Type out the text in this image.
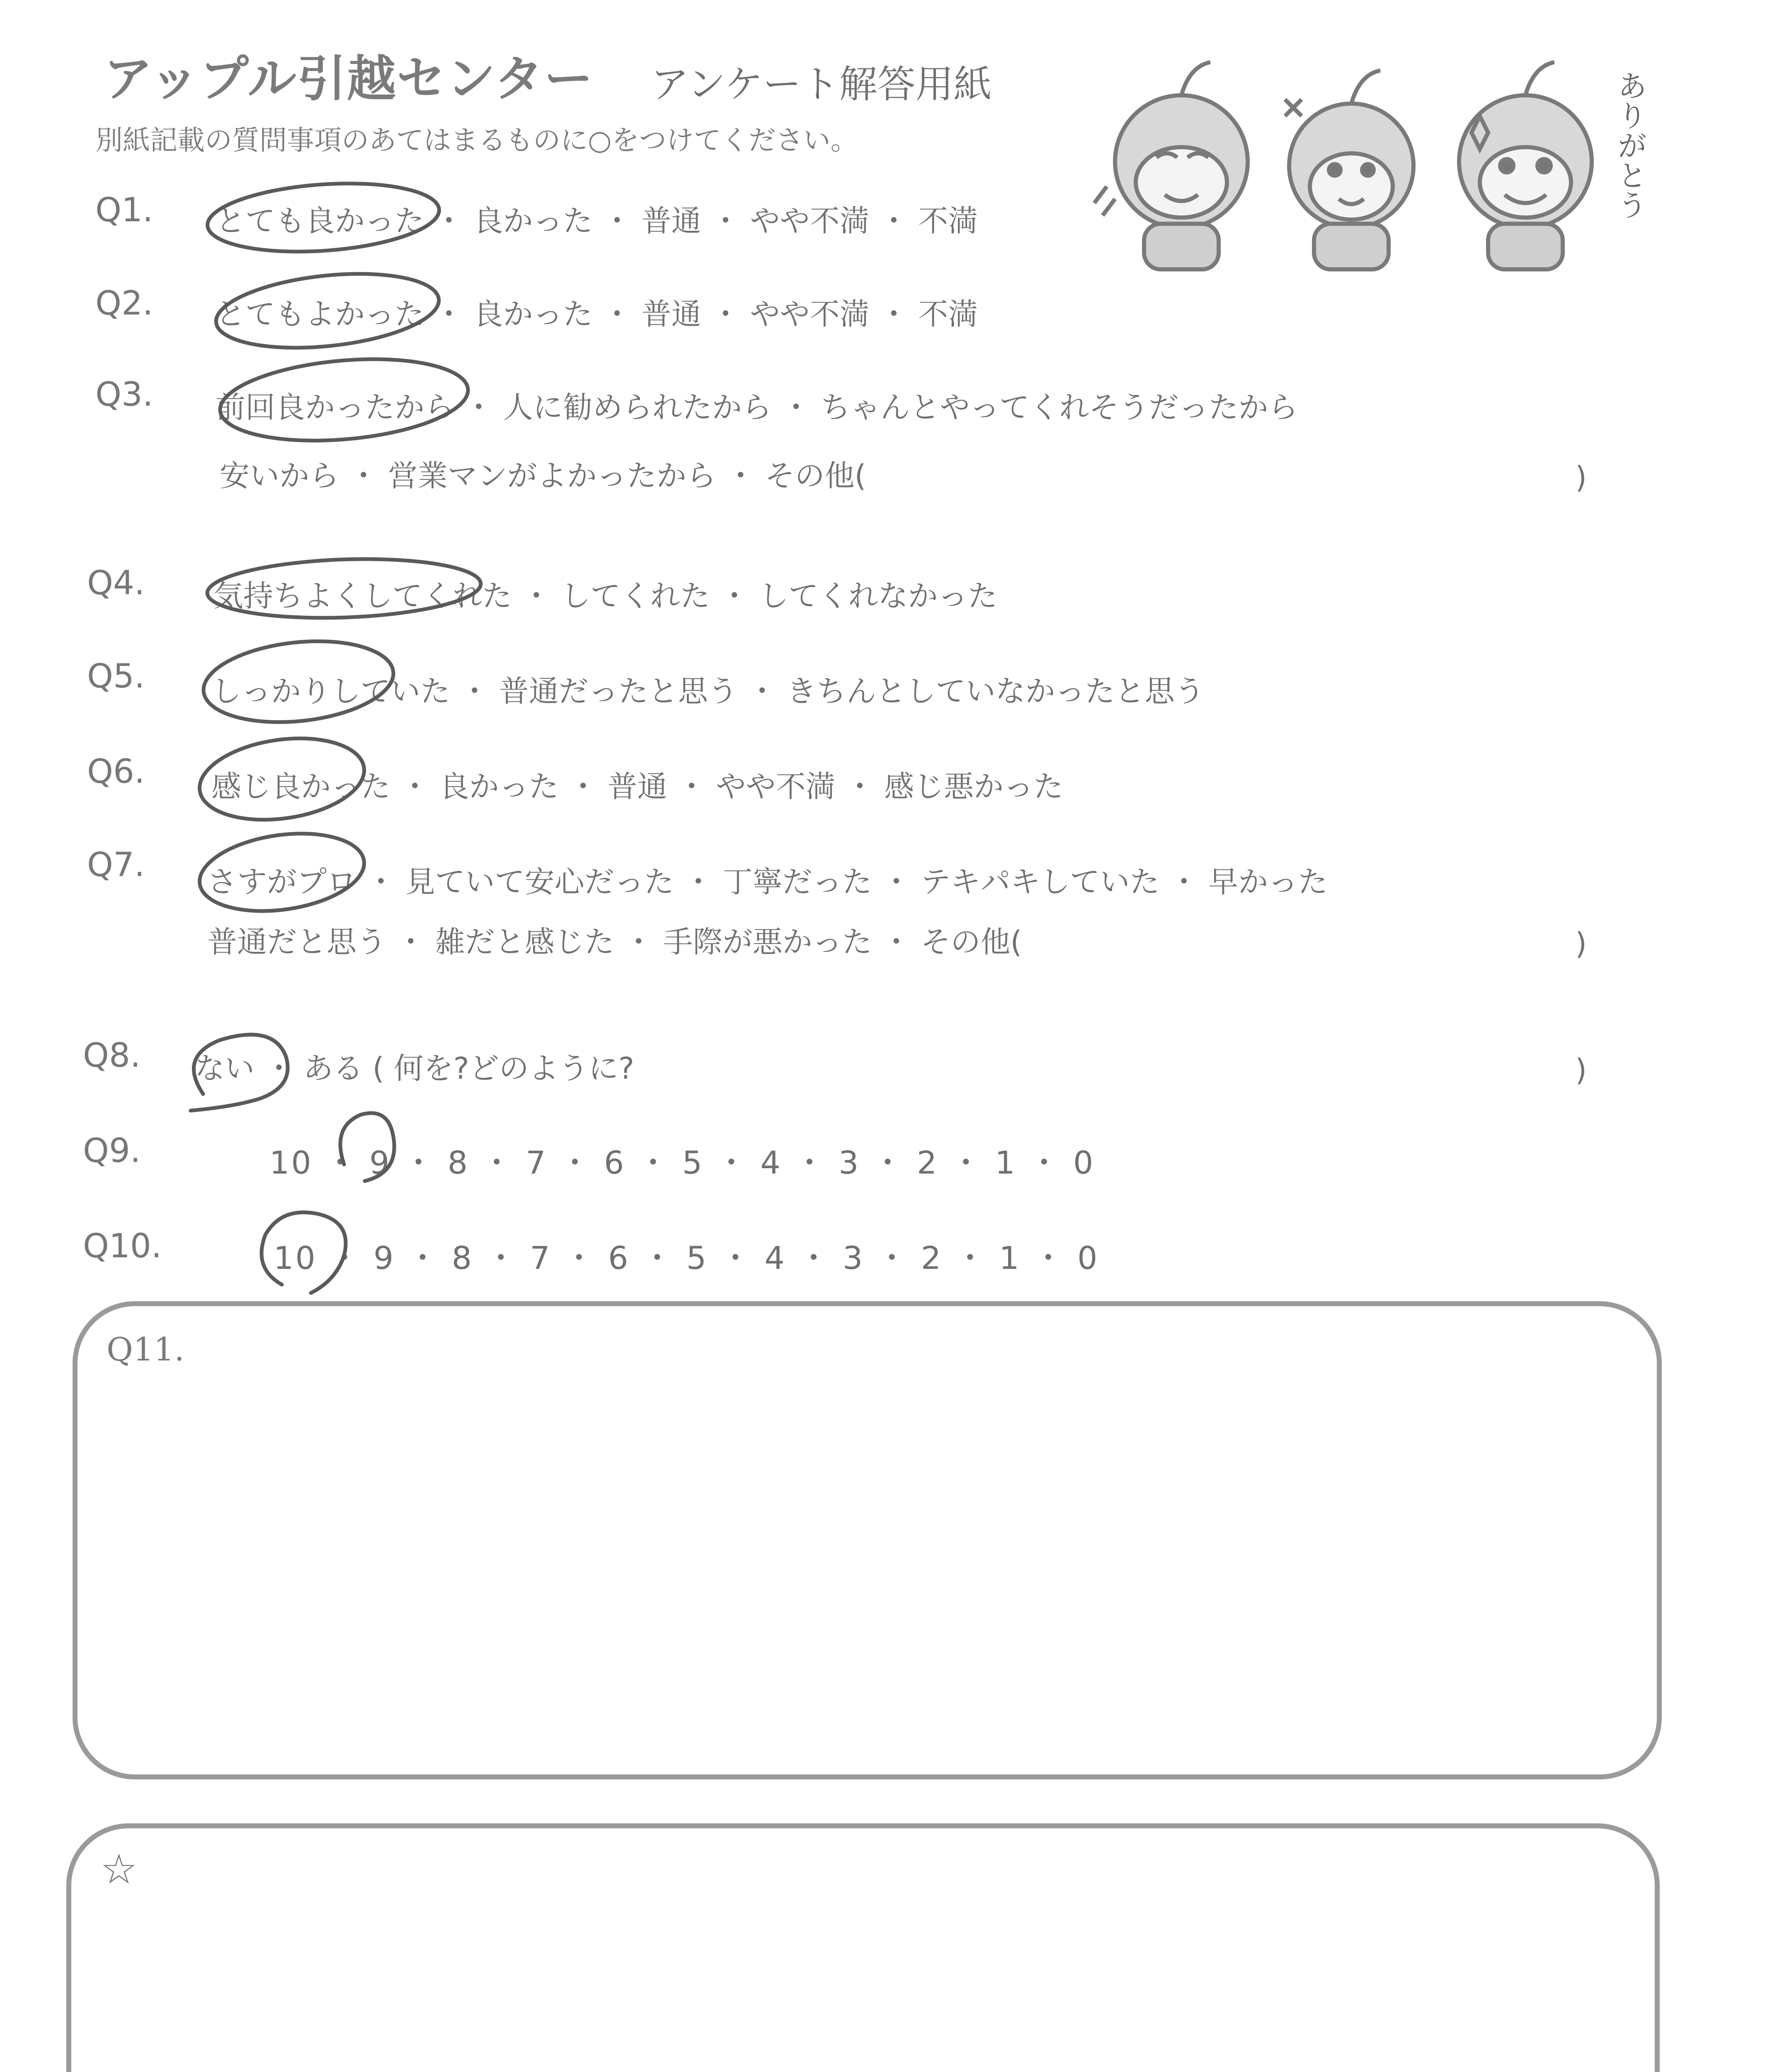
アップル引越センター アンケート解答用紙
別紙記載の質問事項のあてはまるものに○をつけてください。	ありがとう
Q1. とても良かった ・ 良かった ・ 普通 ・ やや不満 ・ 不満
Q2. とてもよかった ・ 良かった ・ 普通 ・ やや不満 ・ 不満
Q3. 前回良かったから ・ 人に勧められたから ・ ちゃんとやってくれそうだったから
安いから ・ 営業マンがよかったから ・ その他(	)
Q4. 気持ちよくしてくれた ・ してくれた ・ してくれなかった
Q5. しっかりしていた ・ 普通だったと思う ・ きちんとしていなかったと思う
Q6. 感じ良かった ・ 良かった ・ 普通 ・ やや不満 ・ 感じ悪かった
Q7. さすがプロ ・ 見ていて安心だった ・ 丁寧だった ・ テキパキしていた ・ 早かった
普通だと思う ・ 雑だと感じた ・ 手際が悪かった ・ その他(	)
Q8. ない ・ ある ( 何を?どのように?	)
Q9.	10 ・ 9 ・ 8 ・ 7 ・ 6 ・ 5 ・ 4 ・ 3 ・ 2 ・ 1 ・ 0
Q10.	10 ・ 9 ・ 8 ・ 7 ・ 6 ・ 5 ・ 4 ・ 3 ・ 2 ・ 1 ・ 0
Q11.
☆
